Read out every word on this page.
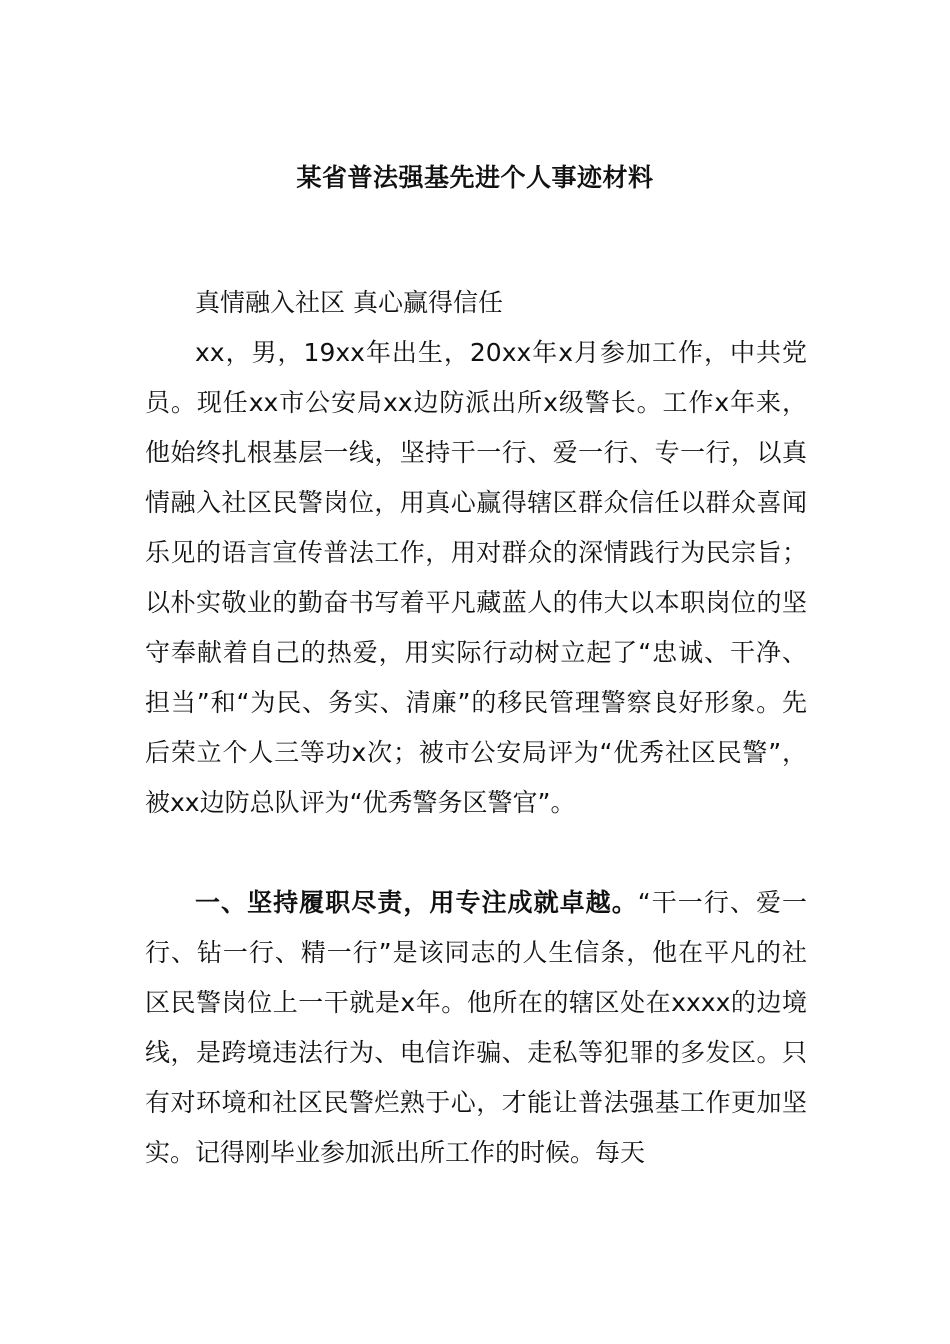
某省普法强基先进个人事迹材料
真情融入社区 真心赢得信任
xx，男，19xx年出生，20xx年x月参加工作，中共党员。现任xx市公安局xx边防派出所x级警长。工作x年来，他始终扎根基层一线，坚持干一行、爱一行、专一行，以真情融入社区民警岗位，用真心赢得辖区群众信任以群众喜闻乐见的语言宣传普法工作，用对群众的深情践行为民宗旨；以朴实敬业的勤奋书写着平凡藏蓝人的伟大以本职岗位的坚守奉献着自己的热爱，用实际行动树立起了“忠诚、干净、担当”和“为民、务实、清廉”的移民管理警察良好形象。先后荣立个人三等功x次；被市公安局评为“优秀社区民警”，被xx边防总队评为“优秀警务区警官”。
一、坚持履职尽责，用专注成就卓越。“干一行、爱一行、钻一行、精一行”是该同志的人生信条，他在平凡的社区民警岗位上一干就是x年。他所在的辖区处在xxxx的边境线，是跨境违法行为、电信诈骗、走私等犯罪的多发区。只有对环境和社区民警烂熟于心，才能让普法强基工作更加坚实。记得刚毕业参加派出所工作的时候。每天
